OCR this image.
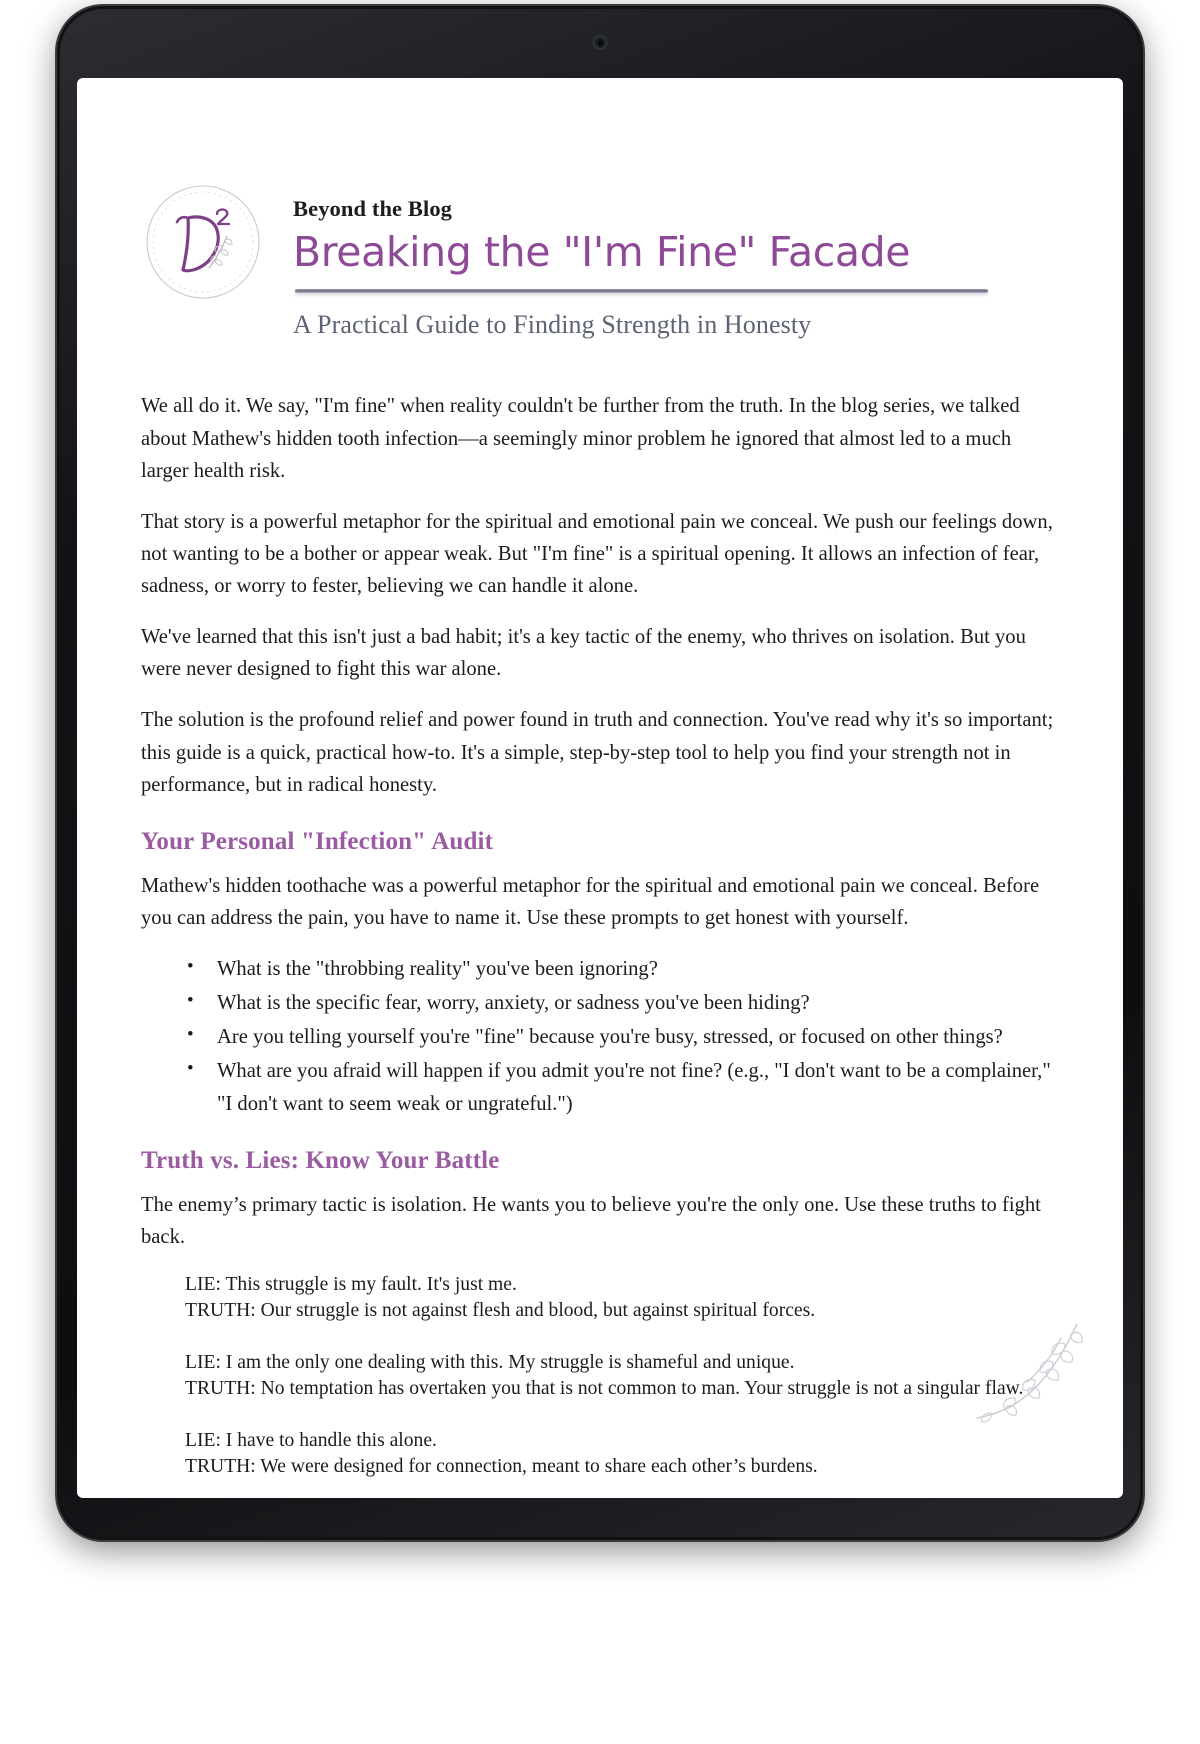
Beyond the Blog
Breaking the "I'm Fine" Facade
A Practical Guide to Finding Strength in Honesty

We all do it. We say, "I'm fine" when reality couldn't be further from the truth. In the blog series, we talked about Mathew's hidden tooth infection—a seemingly minor problem he ignored that almost led to a much larger health risk.

That story is a powerful metaphor for the spiritual and emotional pain we conceal. We push our feelings down, not wanting to be a bother or appear weak. But "I'm fine" is a spiritual opening. It allows an infection of fear, sadness, or worry to fester, believing we can handle it alone.

We've learned that this isn't just a bad habit; it's a key tactic of the enemy, who thrives on isolation. But you were never designed to fight this war alone.

The solution is the profound relief and power found in truth and connection. You've read why it's so important; this guide is a quick, practical how-to. It's a simple, step-by-step tool to help you find your strength not in performance, but in radical honesty.

Your Personal "Infection" Audit

Mathew's hidden toothache was a powerful metaphor for the spiritual and emotional pain we conceal. Before you can address the pain, you have to name it. Use these prompts to get honest with yourself.

• What is the "throbbing reality" you've been ignoring?
• What is the specific fear, worry, anxiety, or sadness you've been hiding?
• Are you telling yourself you're "fine" because you're busy, stressed, or focused on other things?
• What are you afraid will happen if you admit you're not fine? (e.g., "I don't want to be a complainer," "I don't want to seem weak or ungrateful.")
Truth vs. Lies: Know Your Battle

The enemy’s primary tactic is isolation. He wants you to believe you're the only one. Use these truths to fight back.

LIE: This struggle is my fault. It's just me.
TRUTH: Our struggle is not against flesh and blood, but against spiritual forces.
LIE: I am the only one dealing with this. My struggle is shameful and unique.
TRUTH: No temptation has overtaken you that is not common to man. Your struggle is not a singular flaw.
LIE: I have to handle this alone.
TRUTH: We were designed for connection, meant to share each other’s burdens.
